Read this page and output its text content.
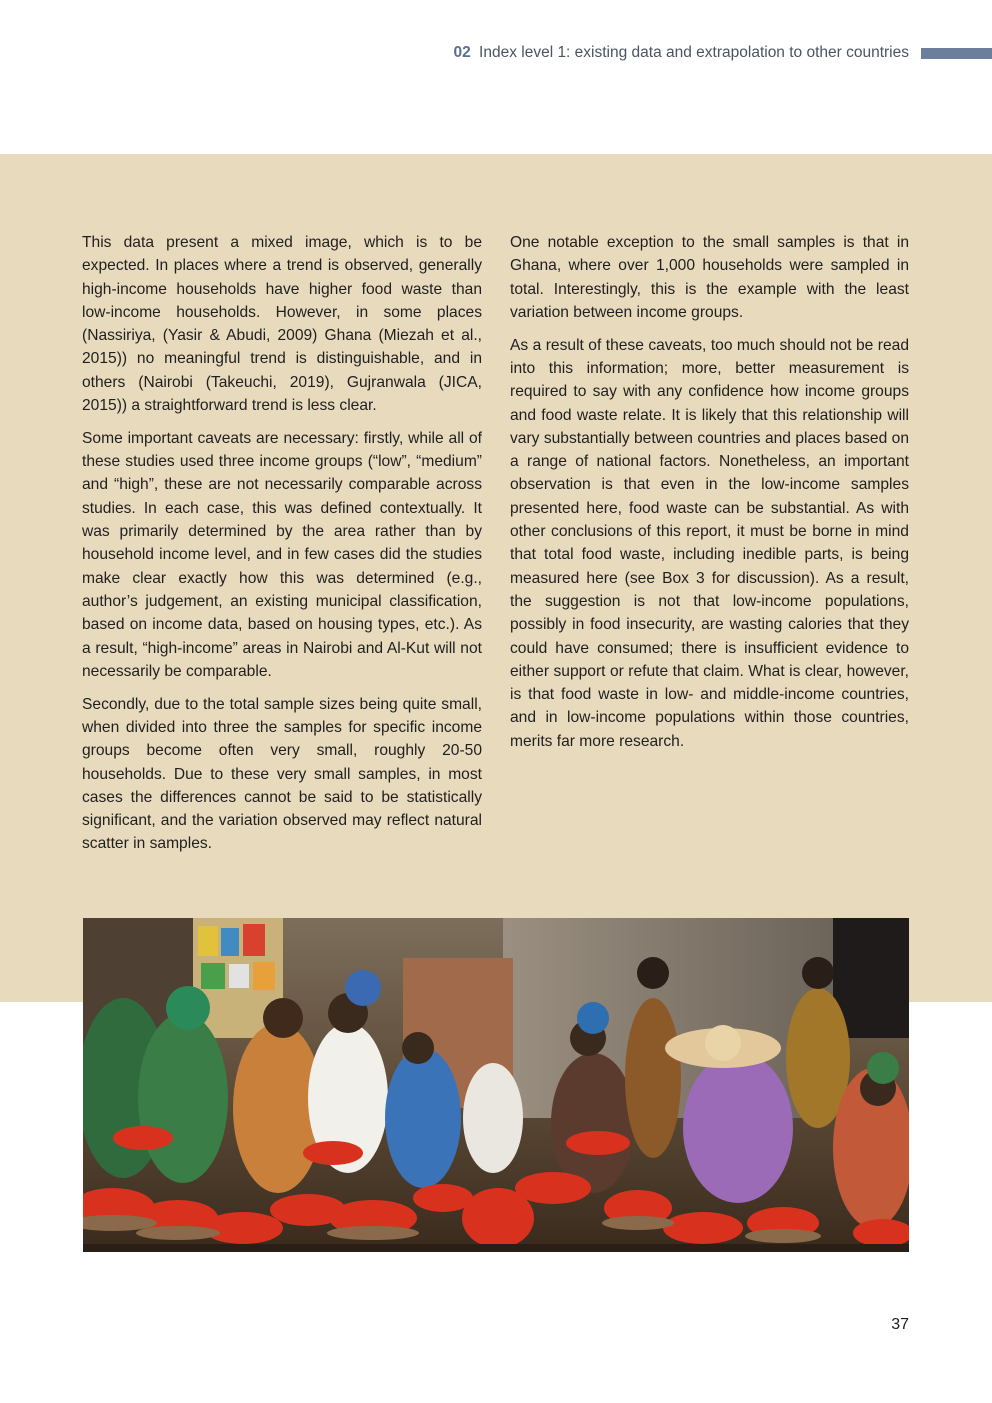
02 Index level 1: existing data and extrapolation to other countries

This data present a mixed image, which is to be expected. In places where a trend is observed, generally high-income households have higher food waste than low-income households. However, in some places (Nassiriya, (Yasir & Abudi, 2009) Ghana (Miezah et al., 2015)) no meaningful trend is distinguishable, and in others (Nairobi (Takeuchi, 2019), Gujranwala (JICA, 2015)) a straightforward trend is less clear.

Some important caveats are necessary: firstly, while all of these studies used three income groups (“low”, “medium” and “high”, these are not necessarily comparable across studies. In each case, this was defined contextually. It was primarily determined by the area rather than by household income level, and in few cases did the studies make clear exactly how this was determined (e.g., author’s judgement, an existing municipal classification, based on income data, based on housing types, etc.). As a result, “high-income” areas in Nairobi and Al-Kut will not necessarily be comparable.

Secondly, due to the total sample sizes being quite small, when divided into three the samples for specific income groups become often very small, roughly 20-50 households. Due to these very small samples, in most cases the differences cannot be said to be statistically significant, and the variation observed may reflect natural scatter in samples.

One notable exception to the small samples is that in Ghana, where over 1,000 households were sampled in total. Interestingly, this is the example with the least variation between income groups.

As a result of these caveats, too much should not be read into this information; more, better measurement is required to say with any confidence how income groups and food waste relate. It is likely that this relationship will vary substantially between countries and places based on a range of national factors. Nonetheless, an important observation is that even in the low-income samples presented here, food waste can be substantial. As with other conclusions of this report, it must be borne in mind that total food waste, including inedible parts, is being measured here (see Box 3 for discussion). As a result, the suggestion is not that low-income populations, possibly in food insecurity, are wasting calories that they could have consumed; there is insufficient evidence to either support or refute that claim. What is clear, however, is that food waste in low- and middle-income countries, and in low-income populations within those countries, merits far more research.

37
